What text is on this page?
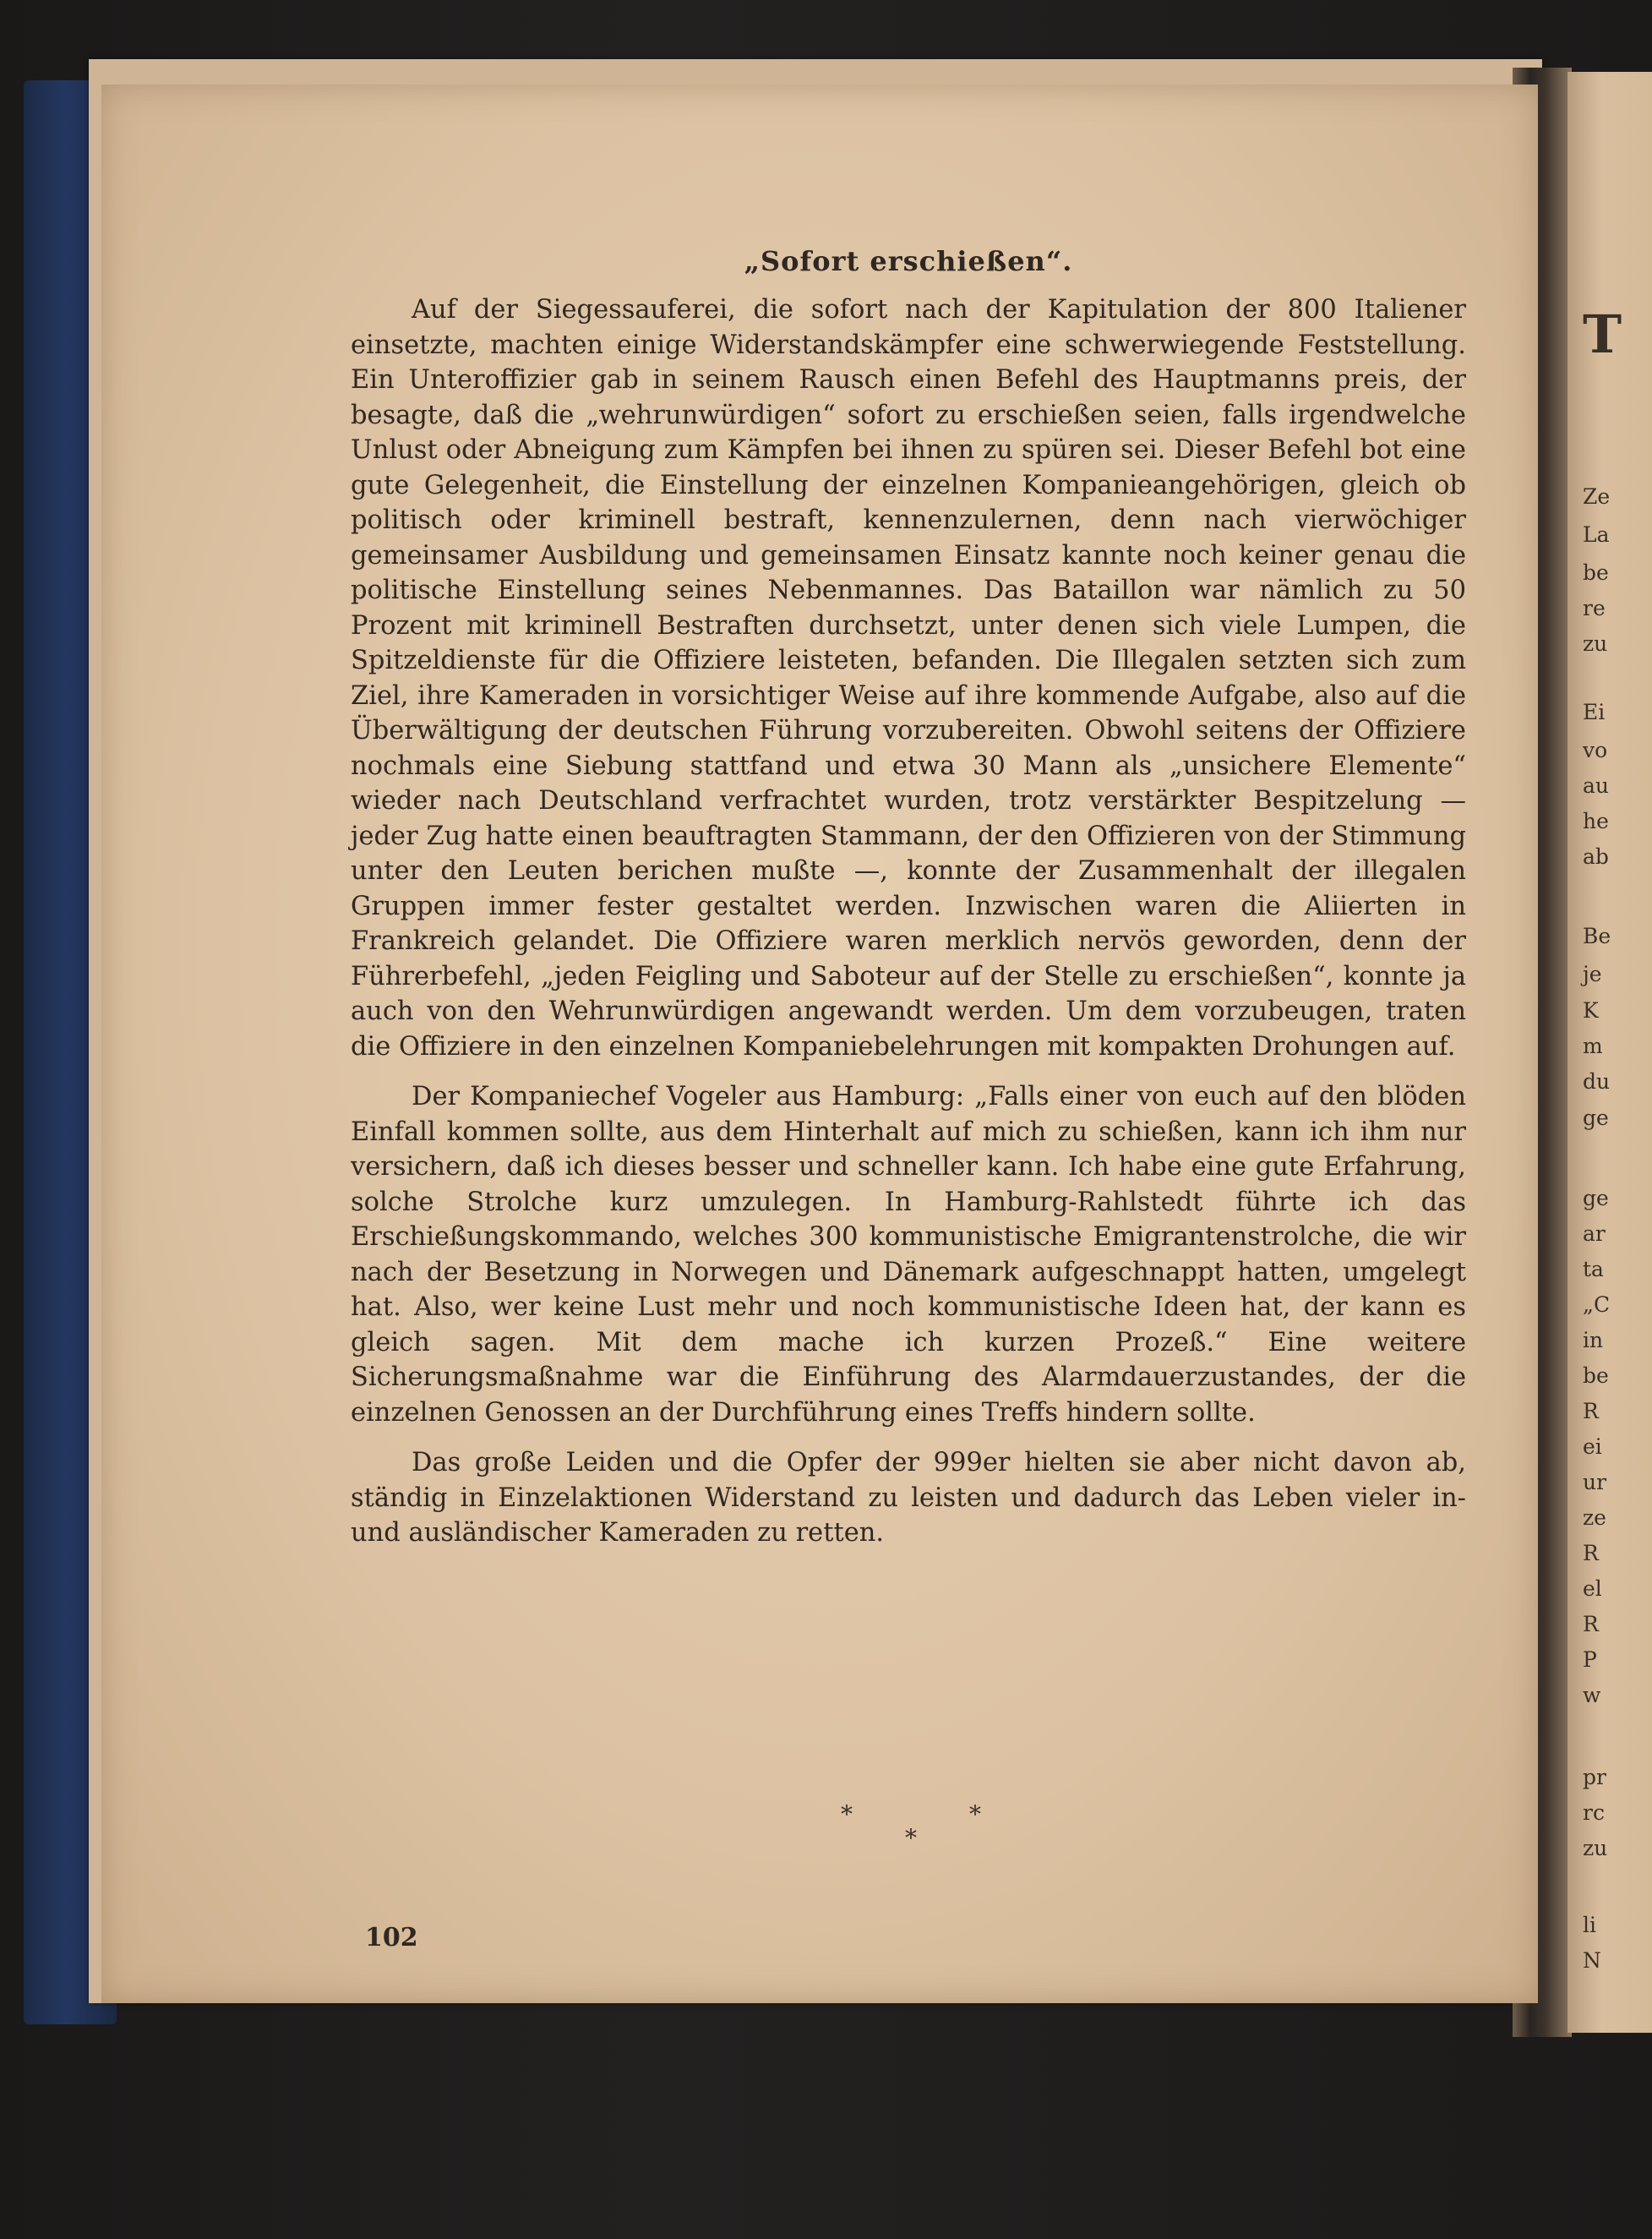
T
Ze
La
be
re
zu
Ei
vo
au
he
ab
Be
je
K
m
du
ge
ge
ar
ta
„C
in
be
R
ei
ur
ze
R
el
R
P
w
pr
rc
zu
li
N
„Sofort erschießen“.

Auf der Siegessauferei, die sofort nach der Kapitulation der 800 Italiener einsetzte, machten einige Widerstandskämpfer eine schwerwiegende Feststellung. Ein Unteroffizier gab in seinem Rausch einen Befehl des Hauptmanns preis, der besagte, daß die „wehrunwürdigen“ sofort zu erschießen seien, falls irgendwelche Unlust oder Abneigung zum Kämpfen bei ihnen zu spüren sei. Dieser Befehl bot eine gute Gelegenheit, die Einstellung der einzelnen Kompanieangehörigen, gleich ob politisch oder kriminell bestraft, kennenzulernen, denn nach vierwöchiger gemeinsamer Ausbildung und gemeinsamen Einsatz kannte noch keiner genau die politische Einstellung seines Nebenmannes. Das Bataillon war nämlich zu 50 Prozent mit kriminell Bestraften durchsetzt, unter denen sich viele Lumpen, die Spitzeldienste für die Offiziere leisteten, befanden. Die Illegalen setzten sich zum Ziel, ihre Kameraden in vorsichtiger Weise auf ihre kommende Aufgabe, also auf die Überwältigung der deutschen Führung vorzubereiten. Obwohl seitens der Offiziere nochmals eine Siebung stattfand und etwa 30 Mann als „unsichere Elemente“ wieder nach Deutschland verfrachtet wurden, trotz verstärkter Bespitzelung — jeder Zug hatte einen beauftragten Stammann, der den Offizieren von der Stimmung unter den Leuten berichen mußte —, konnte der Zusammenhalt der illegalen Gruppen immer fester gestaltet werden. Inzwischen waren die Aliierten in Frankreich gelandet. Die Offiziere waren merklich nervös geworden, denn der Führerbefehl, „jeden Feigling und Saboteur auf der Stelle zu erschießen“, konnte ja auch von den Wehrunwürdigen angewandt werden. Um dem vorzubeugen, traten die Offiziere in den einzelnen Kompaniebelehrungen mit kompakten Drohungen auf.

Der Kompaniechef Vogeler aus Hamburg: „Falls einer von euch auf den blöden Einfall kommen sollte, aus dem Hinterhalt auf mich zu schießen, kann ich ihm nur versichern, daß ich dieses besser und schneller kann. Ich habe eine gute Erfahrung, solche Strolche kurz umzulegen. In Hamburg-Rahlstedt führte ich das Erschießungskommando, welches 300 kommunistische Emigrantenstrolche, die wir nach der Besetzung in Norwegen und Dänemark aufgeschnappt hatten, umgelegt hat. Also, wer keine Lust mehr und noch kommunistische Ideen hat, der kann es gleich sagen. Mit dem mache ich kurzen Prozeß.“ Eine weitere Sicherungsmaßnahme war die Einführung des Alarmdauerzustandes, der die einzelnen Genossen an der Durchführung eines Treffs hindern sollte.

Das große Leiden und die Opfer der 999er hielten sie aber nicht davon ab, ständig in Einzelaktionen Widerstand zu leisten und dadurch das Leben vieler in- und ausländischer Kameraden zu retten.

*
*
*
102
